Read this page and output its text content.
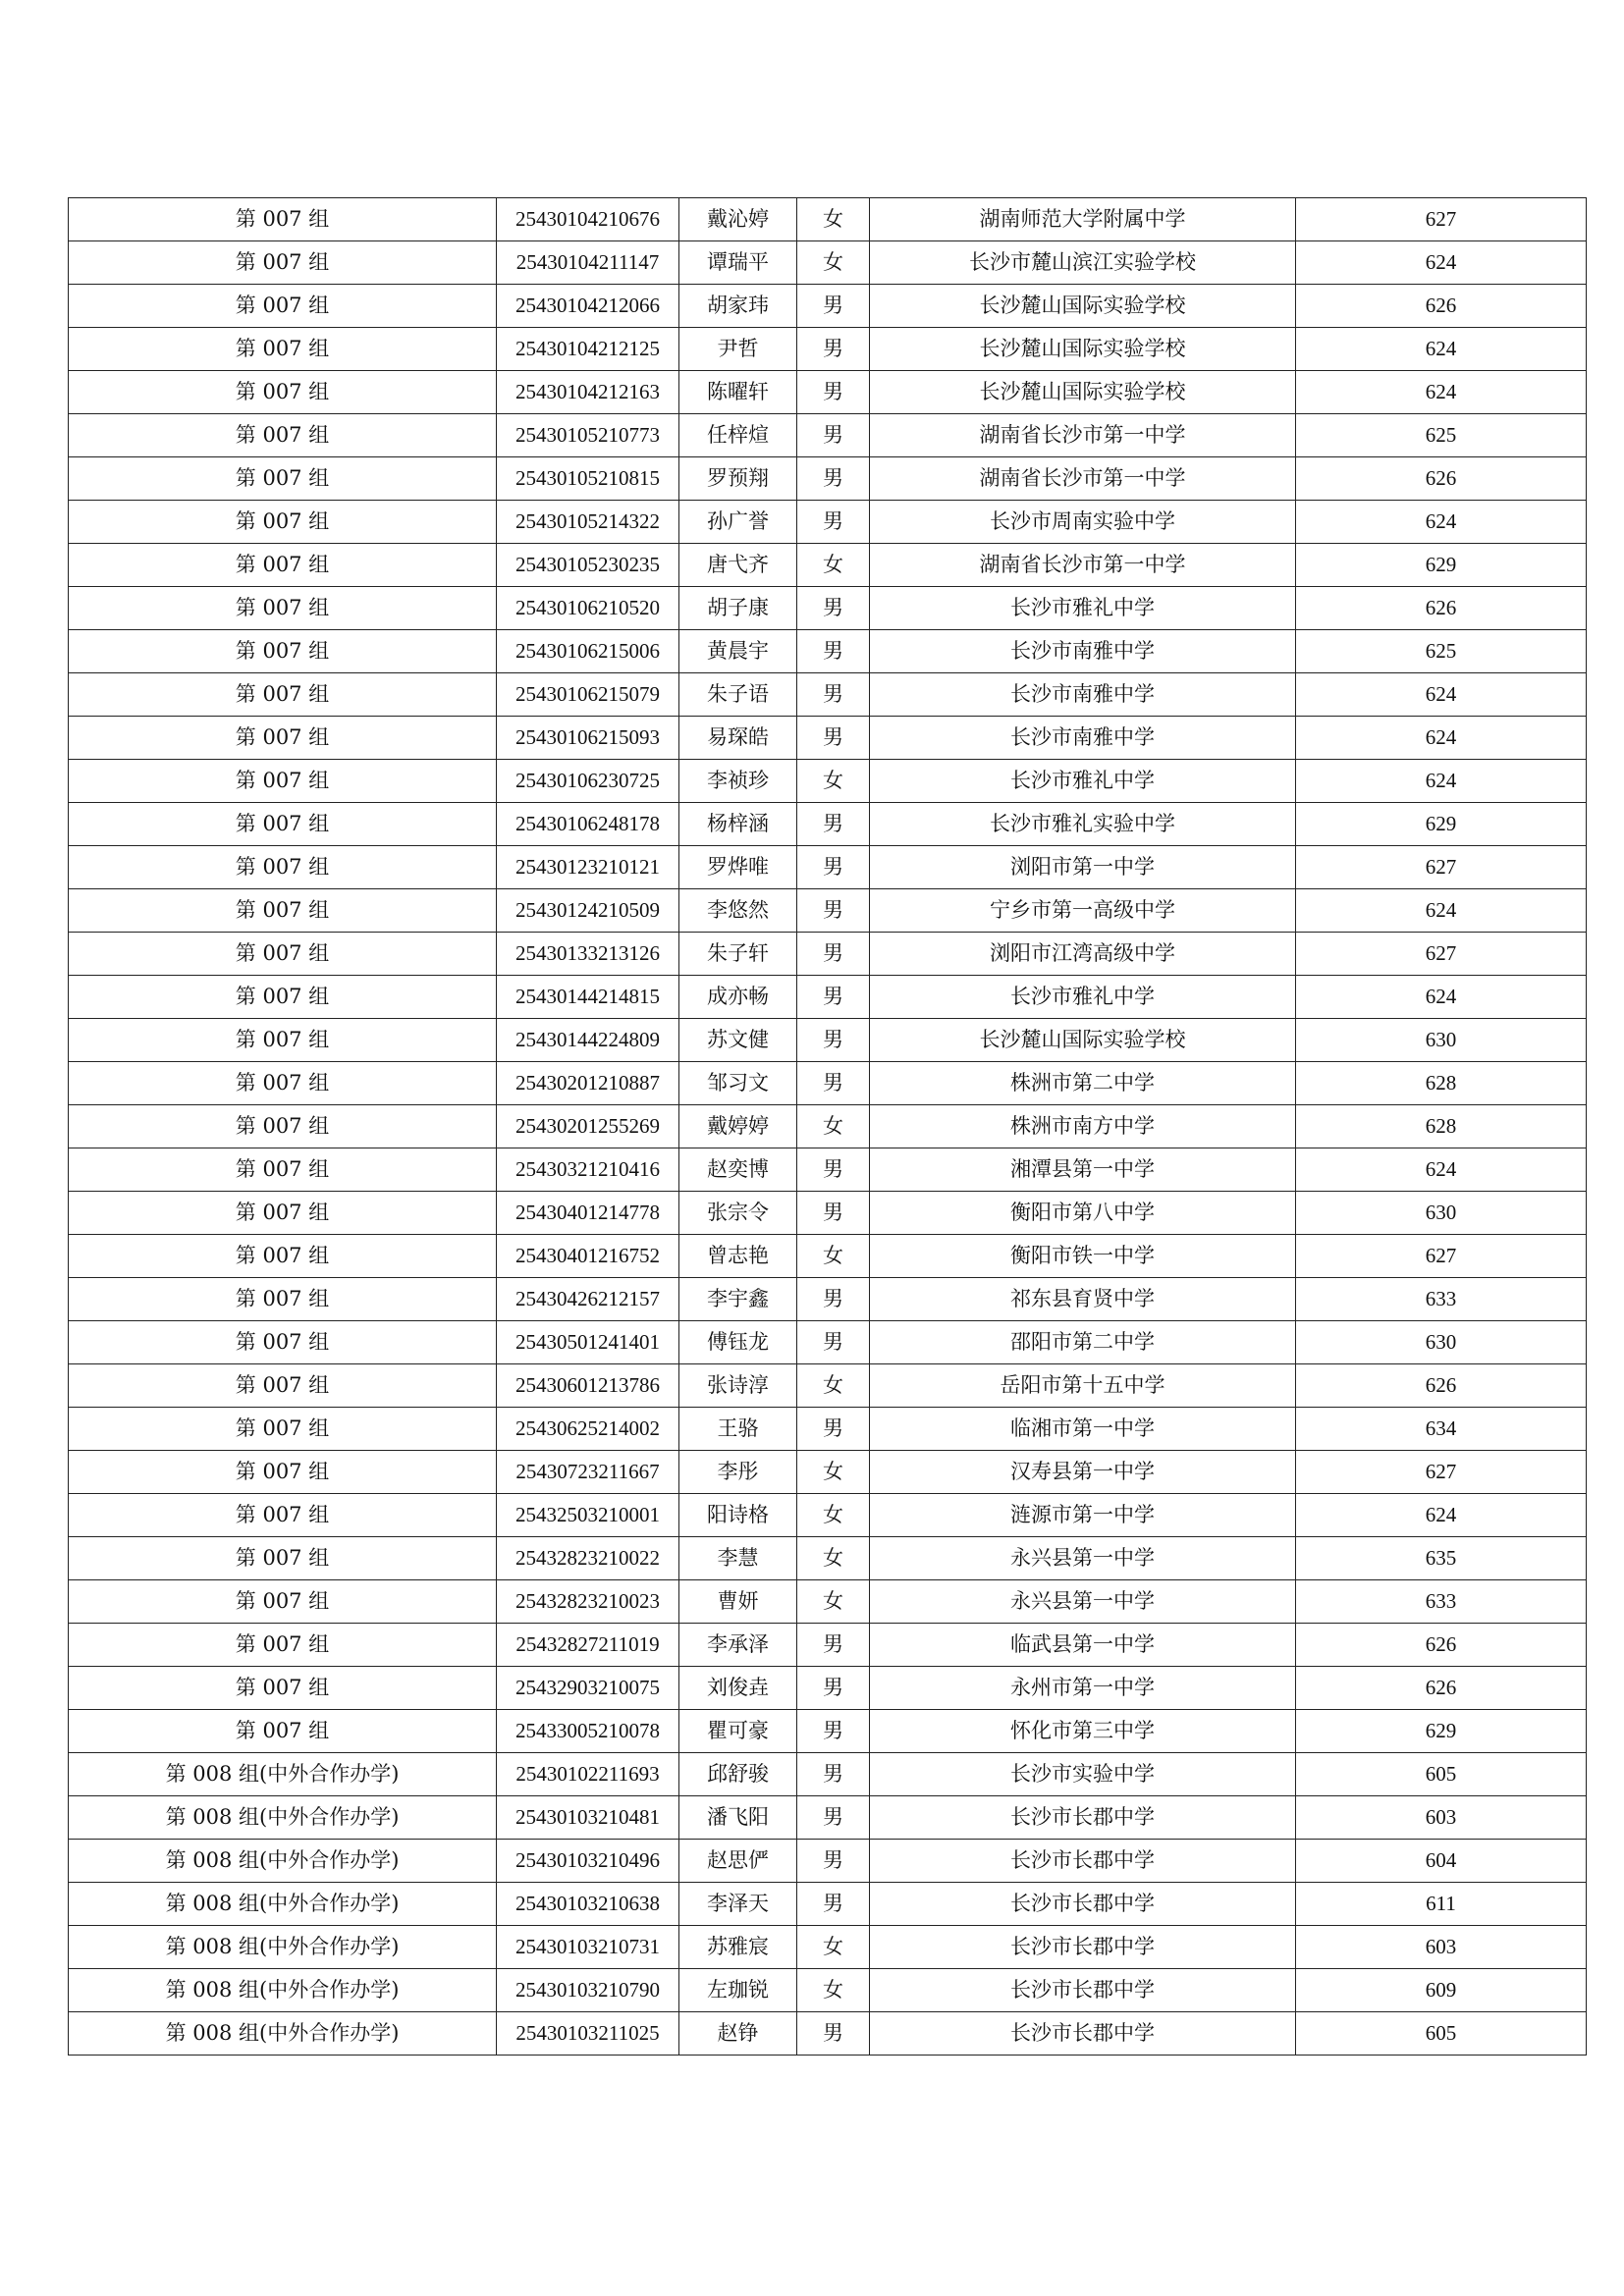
第 007 组	25430104210676	戴沁婷	女	湖南师范大学附属中学	627
第 007 组	25430104211147	谭瑞平	女	长沙市麓山滨江实验学校	624
第 007 组	25430104212066	胡家玮	男	长沙麓山国际实验学校	626
第 007 组	25430104212125	尹哲	男	长沙麓山国际实验学校	624
第 007 组	25430104212163	陈曜轩	男	长沙麓山国际实验学校	624
第 007 组	25430105210773	任梓煊	男	湖南省长沙市第一中学	625
第 007 组	25430105210815	罗预翔	男	湖南省长沙市第一中学	626
第 007 组	25430105214322	孙广誉	男	长沙市周南实验中学	624
第 007 组	25430105230235	唐弋齐	女	湖南省长沙市第一中学	629
第 007 组	25430106210520	胡子康	男	长沙市雅礼中学	626
第 007 组	25430106215006	黄晨宇	男	长沙市南雅中学	625
第 007 组	25430106215079	朱子语	男	长沙市南雅中学	624
第 007 组	25430106215093	易琛皓	男	长沙市南雅中学	624
第 007 组	25430106230725	李祯珍	女	长沙市雅礼中学	624
第 007 组	25430106248178	杨梓涵	男	长沙市雅礼实验中学	629
第 007 组	25430123210121	罗烨唯	男	浏阳市第一中学	627
第 007 组	25430124210509	李悠然	男	宁乡市第一高级中学	624
第 007 组	25430133213126	朱子轩	男	浏阳市江湾高级中学	627
第 007 组	25430144214815	成亦畅	男	长沙市雅礼中学	624
第 007 组	25430144224809	苏文健	男	长沙麓山国际实验学校	630
第 007 组	25430201210887	邹习文	男	株洲市第二中学	628
第 007 组	25430201255269	戴婷婷	女	株洲市南方中学	628
第 007 组	25430321210416	赵奕博	男	湘潭县第一中学	624
第 007 组	25430401214778	张宗令	男	衡阳市第八中学	630
第 007 组	25430401216752	曾志艳	女	衡阳市铁一中学	627
第 007 组	25430426212157	李宇鑫	男	祁东县育贤中学	633
第 007 组	25430501241401	傅钰龙	男	邵阳市第二中学	630
第 007 组	25430601213786	张诗淳	女	岳阳市第十五中学	626
第 007 组	25430625214002	王骆	男	临湘市第一中学	634
第 007 组	25430723211667	李彤	女	汉寿县第一中学	627
第 007 组	25432503210001	阳诗格	女	涟源市第一中学	624
第 007 组	25432823210022	李慧	女	永兴县第一中学	635
第 007 组	25432823210023	曹妍	女	永兴县第一中学	633
第 007 组	25432827211019	李承泽	男	临武县第一中学	626
第 007 组	25432903210075	刘俊垚	男	永州市第一中学	626
第 007 组	25433005210078	瞿可豪	男	怀化市第三中学	629
第 008 组(中外合作办学)	25430102211693	邱舒骏	男	长沙市实验中学	605
第 008 组(中外合作办学)	25430103210481	潘飞阳	男	长沙市长郡中学	603
第 008 组(中外合作办学)	25430103210496	赵思俨	男	长沙市长郡中学	604
第 008 组(中外合作办学)	25430103210638	李泽天	男	长沙市长郡中学	611
第 008 组(中外合作办学)	25430103210731	苏雅宸	女	长沙市长郡中学	603
第 008 组(中外合作办学)	25430103210790	左珈锐	女	长沙市长郡中学	609
第 008 组(中外合作办学)	25430103211025	赵铮	男	长沙市长郡中学	605
